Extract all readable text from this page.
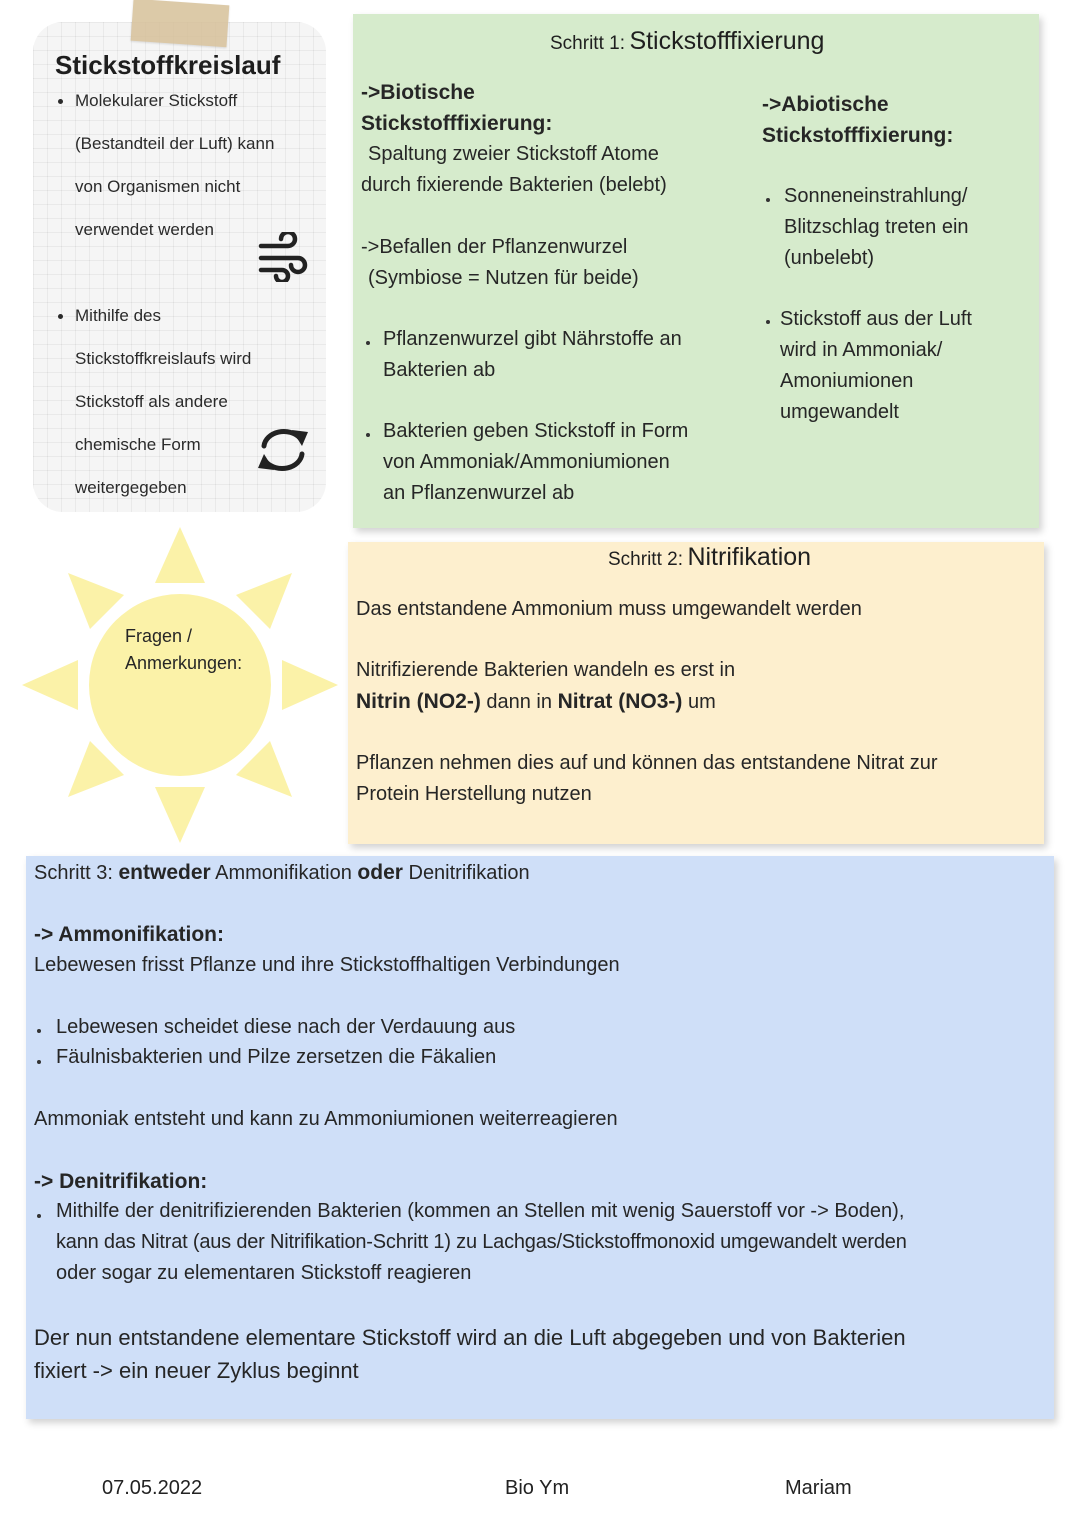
Stickstoffkreislauf
Molekularer Stickstoff
(Bestandteil der Luft) kann
von Organismen nicht
verwendet werden
Mithilfe des
Stickstoffkreislaufs wird
Stickstoff als andere
chemische Form
weitergegeben
Fragen /
Anmerkungen:
Schritt 1: Stickstofffixierung
->Biotische
Stickstofffixierung:
Spaltung zweier Stickstoff Atome
durch fixierende Bakterien (belebt)
->Befallen der Pflanzenwurzel
(Symbiose = Nutzen für beide)
Pflanzenwurzel gibt Nährstoffe an
Bakterien ab
Bakterien geben Stickstoff in Form
von Ammoniak/Ammoniumionen
an Pflanzenwurzel ab
->Abiotische
Stickstofffixierung:
Sonneneinstrahlung/
Blitzschlag treten ein
(unbelebt)
Stickstoff aus der Luft
wird in Ammoniak/
Amoniumionen
umgewandelt
Schritt 2: Nitrifikation
Das entstandene Ammonium muss umgewandelt werden
Nitrifizierende Bakterien wandeln es erst in
Nitrin (NO2-) dann in Nitrat (NO3-) um
Pflanzen nehmen dies auf und können das entstandene Nitrat zur
Protein Herstellung nutzen
Schritt 3: entweder Ammonifikation oder Denitrifikation
-> Ammonifikation:
Lebewesen frisst Pflanze und ihre Stickstoffhaltigen Verbindungen
Lebewesen scheidet diese nach der Verdauung aus
Fäulnisbakterien und Pilze zersetzen die Fäkalien
Ammoniak entsteht und kann zu Ammoniumionen weiterreagieren
-> Denitrifikation:
Mithilfe der denitrifizierenden Bakterien (kommen an Stellen mit wenig Sauerstoff vor -> Boden),
kann das Nitrat (aus der Nitrifikation-Schritt 1) zu Lachgas/Stickstoffmonoxid umgewandelt werden
oder sogar zu elementaren Stickstoff reagieren
Der nun entstandene elementare Stickstoff wird an die Luft abgegeben und von Bakterien
fixiert -> ein neuer Zyklus beginnt
07.05.2022	Bio Ym	Mariam
